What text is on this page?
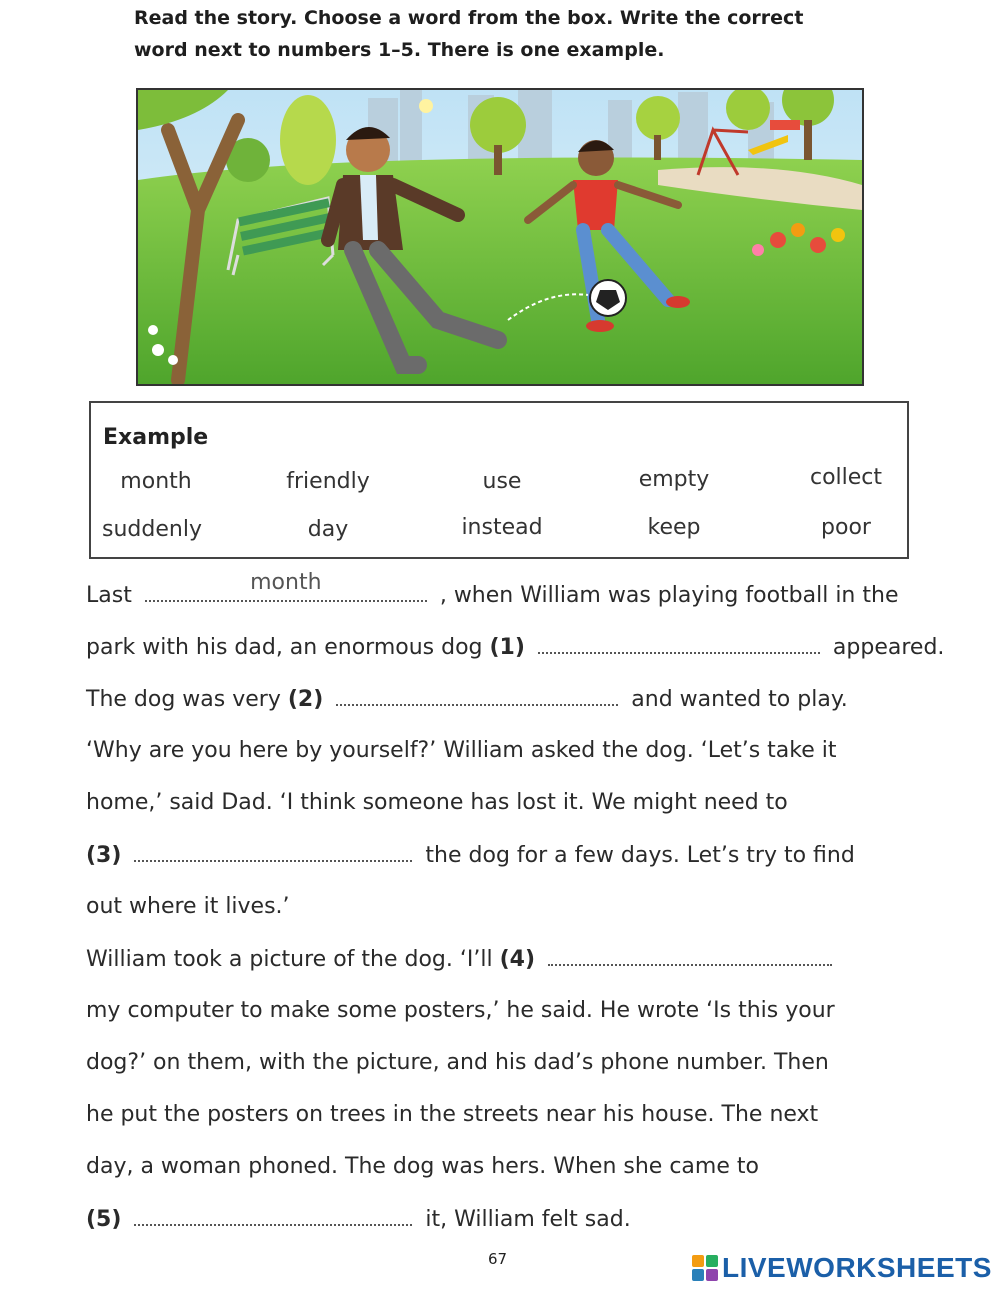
Read the story. Choose a word from the box. Write the correct
word next to numbers 1–5. There is one example.
Example
month	friendly	use	empty	collect
suddenly	day	instead	keep	poor
Last
month
, when William was playing football in the
park with his dad, an enormous dog (1)	appeared.
The dog was very (2)	and wanted to play.
‘Why are you here by yourself?’ William asked the dog. ‘Let’s take it
home,’ said Dad. ‘I think someone has lost it. We might need to
(3)	the dog for a few days. Let’s try to find
out where it lives.’
William took a picture of the dog. ‘I’ll (4)
my computer to make some posters,’ he said. He wrote ‘Is this your
dog?’ on them, with the picture, and his dad’s phone number. Then
he put the posters on trees in the streets near his house. The next
day, a woman phoned. The dog was hers. When she came to
(5)	it, William felt sad.
67	LIVEWORKSHEETS
